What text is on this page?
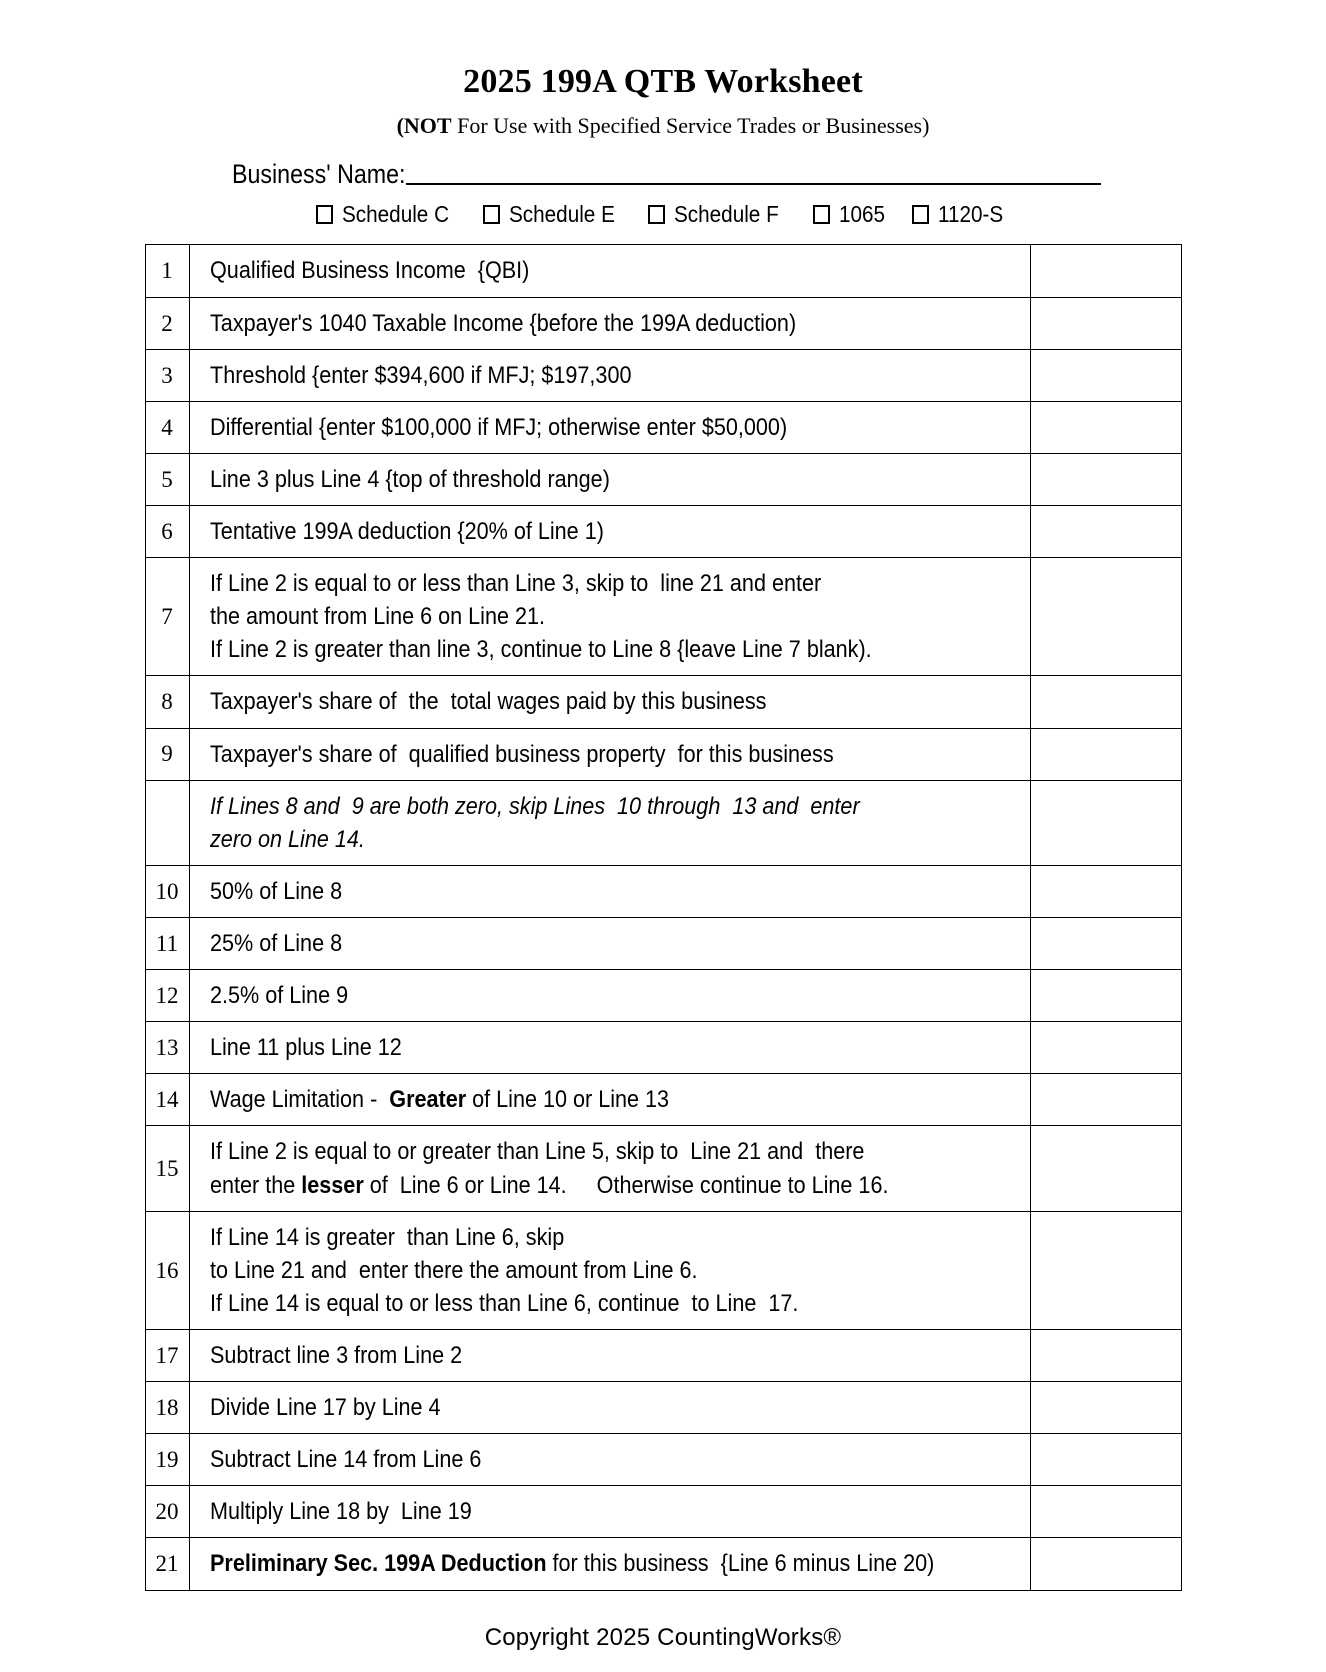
2025 199A QTB Worksheet

(NOT For Use with Specified Service Trades or Businesses)

Business' Name:
Schedule C	Schedule E	Schedule F	1065 1120-S
1	Qualified Business Income  {QBI)	

2	Taxpayer's 1040 Taxable Income {before the 199A deduction)	

3	Threshold {enter $394,600 if MFJ; $197,300	

4	Differential {enter $100,000 if MFJ; otherwise enter $50,000)	

5	Line 3 plus Line 4 {top of threshold range)	

6	Tentative 199A deduction {20% of Line 1)	

7	If Line 2 is equal to or less than Line 3, skip to  line 21 and enter
the amount from Line 6 on Line 21.
If Line 2 is greater than line 3, continue to Line 8 {leave Line 7 blank).	

8	Taxpayer's share of  the  total wages paid by this business	

9	Taxpayer's share of  qualified business property  for this business	

	If Lines 8 and  9 are both zero, skip Lines  10 through  13 and  enter
zero on Line 14.	

10	50% of Line 8	

11	25% of Line 8	

12	2.5% of Line 9	

13	Line 11 plus Line 12	

14	Wage Limitation -  Greater of Line 10 or Line 13	

15	If Line 2 is equal to or greater than Line 5, skip to  Line 21 and  there
enter the lesser of  Line 6 or Line 14.     Otherwise continue to Line 16.	

16	If Line 14 is greater  than Line 6, skip
to Line 21 and  enter there the amount from Line 6.
If Line 14 is equal to or less than Line 6, continue  to Line  17.	

17	Subtract line 3 from Line 2	

18	Divide Line 17 by Line 4	

19	Subtract Line 14 from Line 6	

20	Multiply Line 18 by  Line 19	

21	Preliminary Sec. 199A Deduction for this business  {Line 6 minus Line 20)	

Copyright 2025 CountingWorks®
